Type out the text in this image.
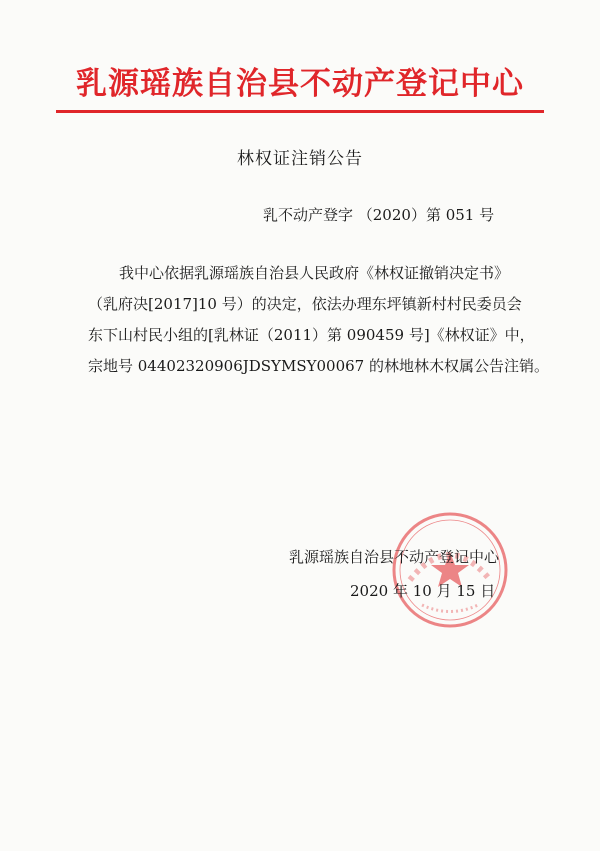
乳源瑶族自治县不动产登记中心
林权证注销公告
乳不动产登字 （2020）第 051 号

我中心依据乳源瑶族自治县人民政府《林权证撤销决定书》

（乳府决[2017]10 号）的决定，依法办理东坪镇新村村民委员会

东下山村民小组的[乳林证（2011）第 090459 号]《林权证》中，

宗地号 04402320906JDSYMSY00067 的林地林木权属公告注销。

乳源瑶族自治县不动产登记中心
2020 年 10 月 15 日
